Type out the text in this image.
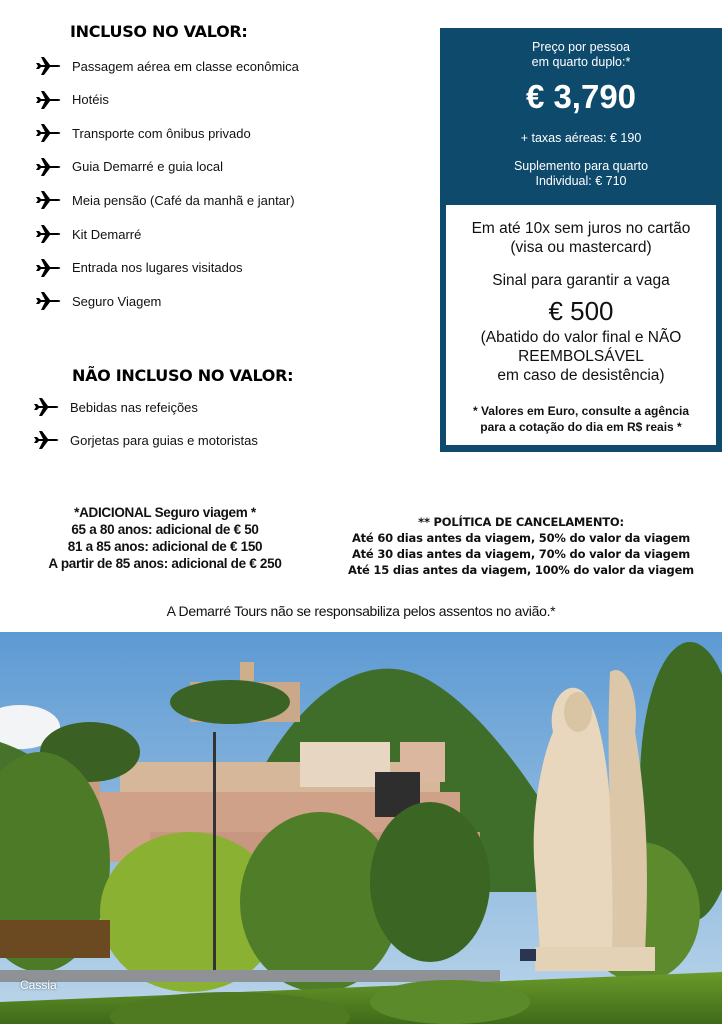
INCLUSO NO VALOR:
Passagem aérea em classe econômica
Hotéis
Transporte com ônibus privado
Guia Demarré e guia local
Meia pensão (Café da manhã e jantar)
Kit Demarré
Entrada nos lugares visitados
Seguro Viagem
NÃO INCLUSO NO VALOR:
Bebidas nas refeições
Gorjetas para guias e motoristas
Preço por pessoa
em quarto duplo:*
€ 3,790
+ taxas aéreas: € 190
Suplemento para quarto
Individual: € 710
Em até 10x sem juros no cartão
(visa ou mastercard)
Sinal para garantir a vaga
€ 500
(Abatido do valor final e NÃO
REEMBOLSÁVEL
em caso de desistência)
* Valores em Euro, consulte a agência
para a cotação do dia em R$ reais *
*ADICIONAL Seguro viagem *
65 a 80 anos: adicional de € 50
81 a 85 anos: adicional de € 150
A partir de 85 anos: adicional de € 250
** POLÍTICA DE CANCELAMENTO:
Até 60 dias antes da viagem, 50% do valor da viagem
Até 30 dias antes da viagem, 70% do valor da viagem
Até 15 dias antes da viagem, 100% do valor da viagem
A Demarré Tours não se responsabiliza pelos assentos no avião.*
Cassia
